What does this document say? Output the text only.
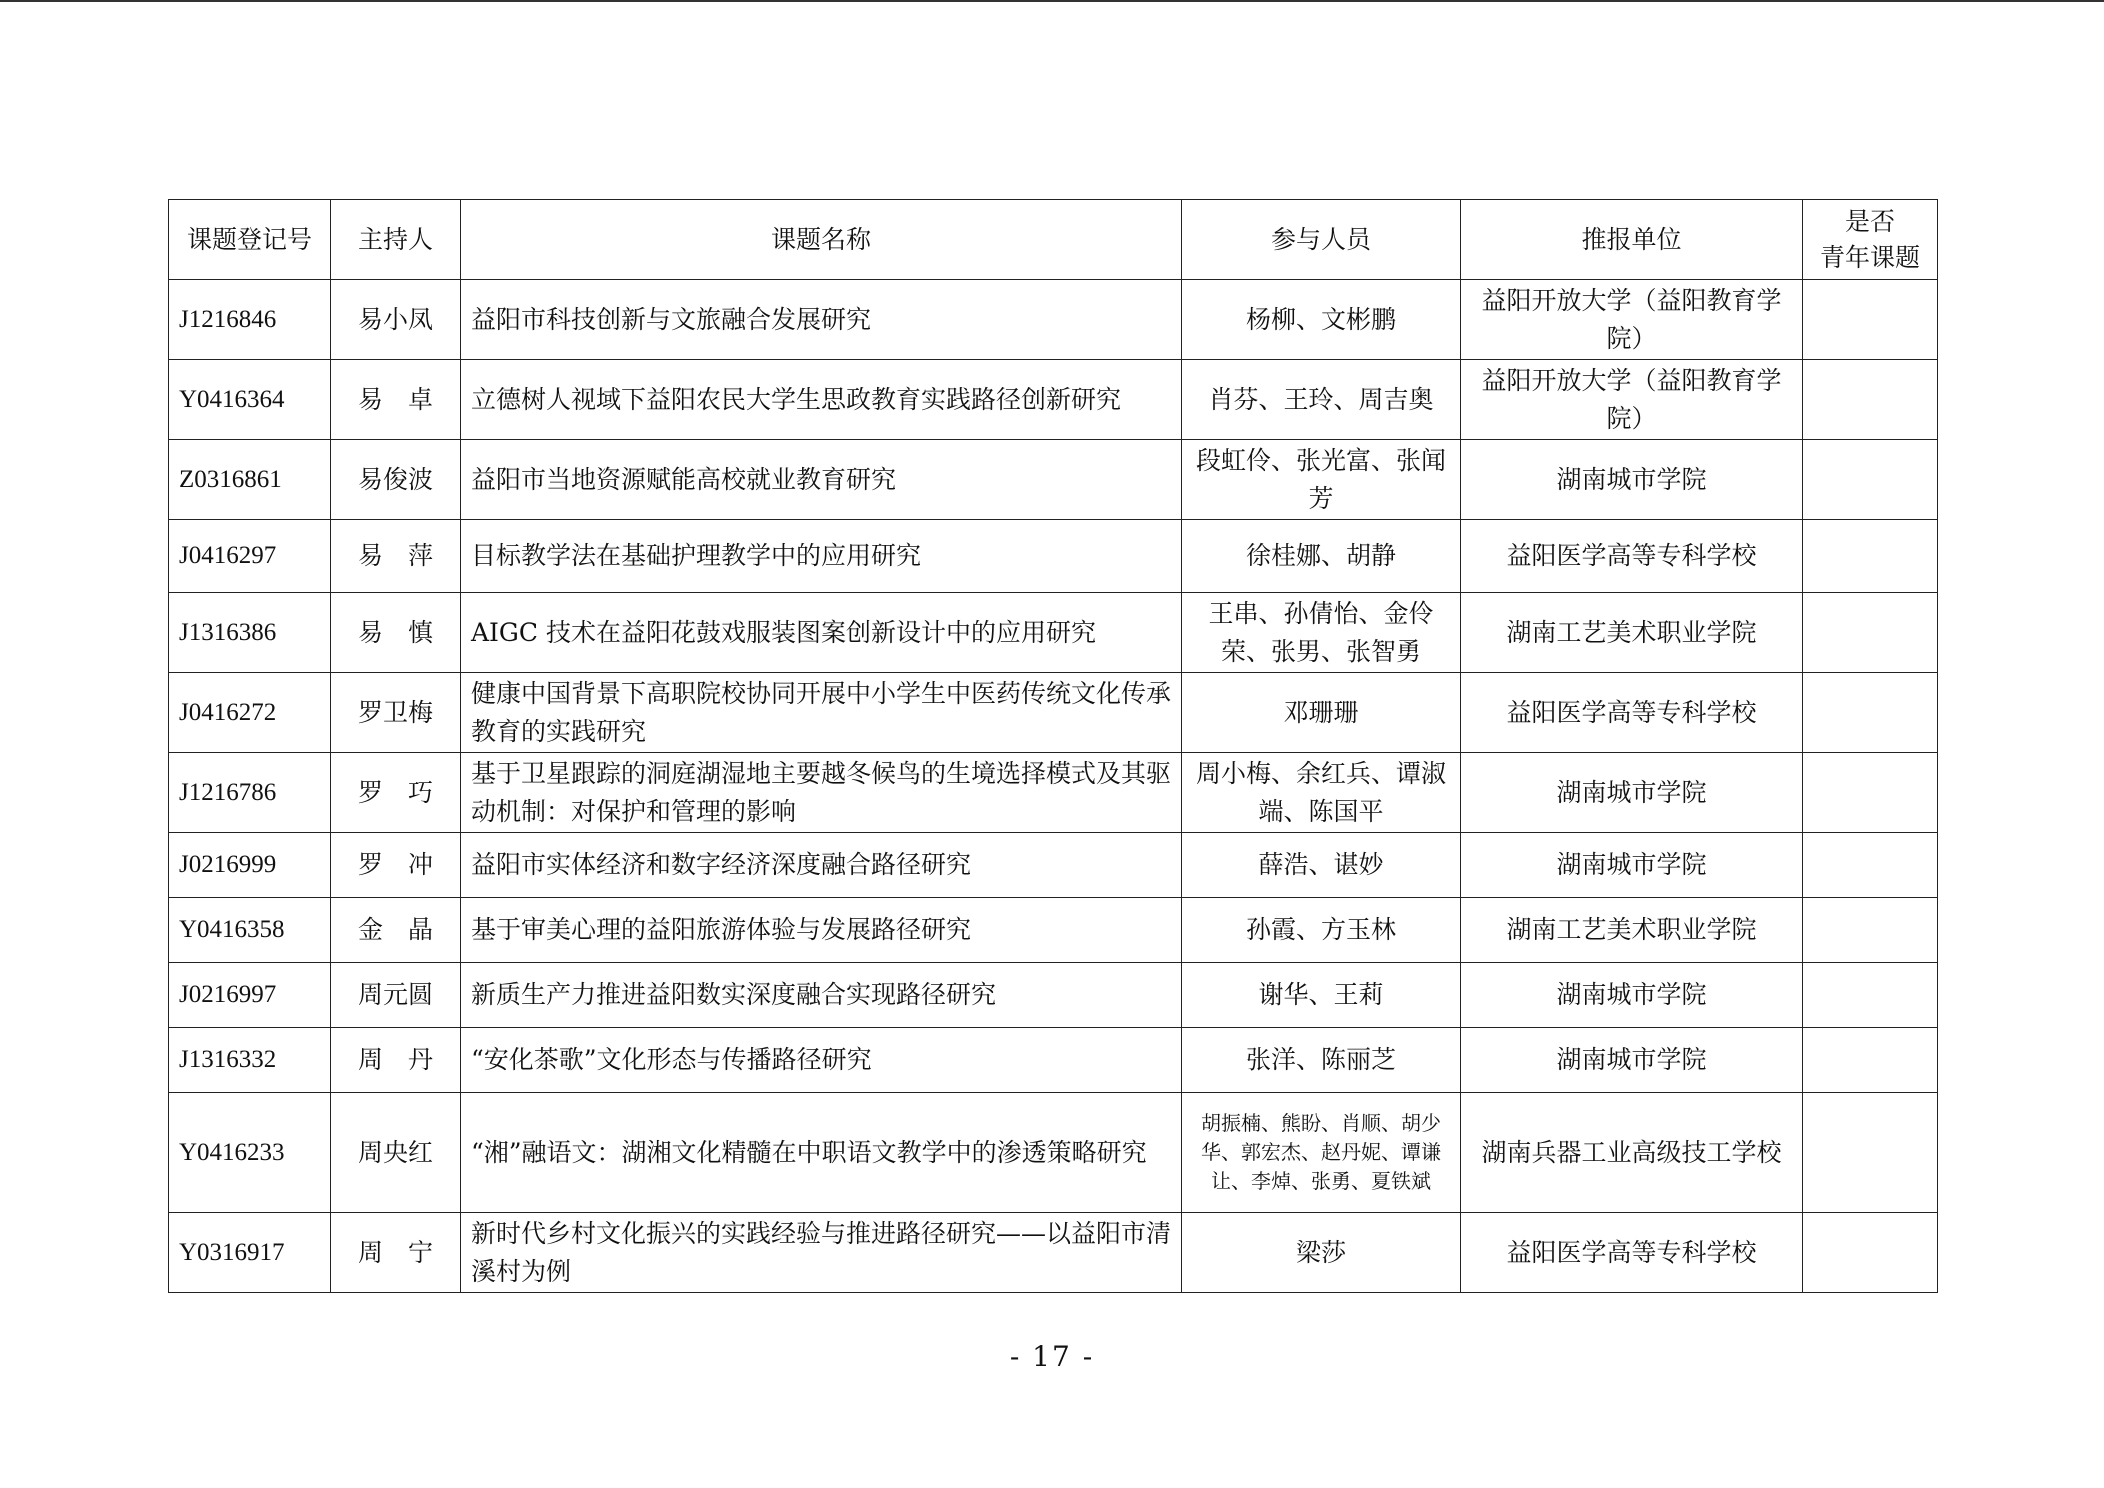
课题登记号	主持人	课题名称	参与人员	推报单位	是否
青年课题
J1216846	易小凤	益阳市科技创新与文旅融合发展研究	杨柳、文彬鹏	益阳开放大学（益阳教育学院）	
Y0416364	易　卓	立德树人视域下益阳农民大学生思政教育实践路径创新研究	肖芬、王玲、周吉奥	益阳开放大学（益阳教育学院）	
Z0316861	易俊波	益阳市当地资源赋能高校就业教育研究	段虹伶、张光富、张闻芳	湖南城市学院	
J0416297	易　萍	目标教学法在基础护理教学中的应用研究	徐桂娜、胡静	益阳医学高等专科学校	
J1316386	易　慎	AIGC 技术在益阳花鼓戏服装图案创新设计中的应用研究	王串、孙倩怡、金伶荣、张男、张智勇	湖南工艺美术职业学院	
J0416272	罗卫梅	健康中国背景下高职院校协同开展中小学生中医药传统文化传承教育的实践研究	邓珊珊	益阳医学高等专科学校	
J1216786	罗　巧	基于卫星跟踪的洞庭湖湿地主要越冬候鸟的生境选择模式及其驱动机制：对保护和管理的影响	周小梅、余红兵、谭淑端、陈国平	湖南城市学院	
J0216999	罗　冲	益阳市实体经济和数字经济深度融合路径研究	薛浩、谌妙	湖南城市学院	
Y0416358	金　晶	基于审美心理的益阳旅游体验与发展路径研究	孙霞、方玉林	湖南工艺美术职业学院	
J0216997	周元圆	新质生产力推进益阳数实深度融合实现路径研究	谢华、王莉	湖南城市学院	
J1316332	周　丹	“安化茶歌”文化形态与传播路径研究	张洋、陈丽芝	湖南城市学院	
Y0416233	周央红	“湘”融语文：湖湘文化精髓在中职语文教学中的渗透策略研究	胡振楠、熊盼、肖顺、胡少华、郭宏杰、赵丹妮、谭谦让、李焯、张勇、夏铁斌	湖南兵器工业高级技工学校	
Y0316917	周　宁	新时代乡村文化振兴的实践经验与推进路径研究——以益阳市清溪村为例	梁莎	益阳医学高等专科学校	
- 17 -
